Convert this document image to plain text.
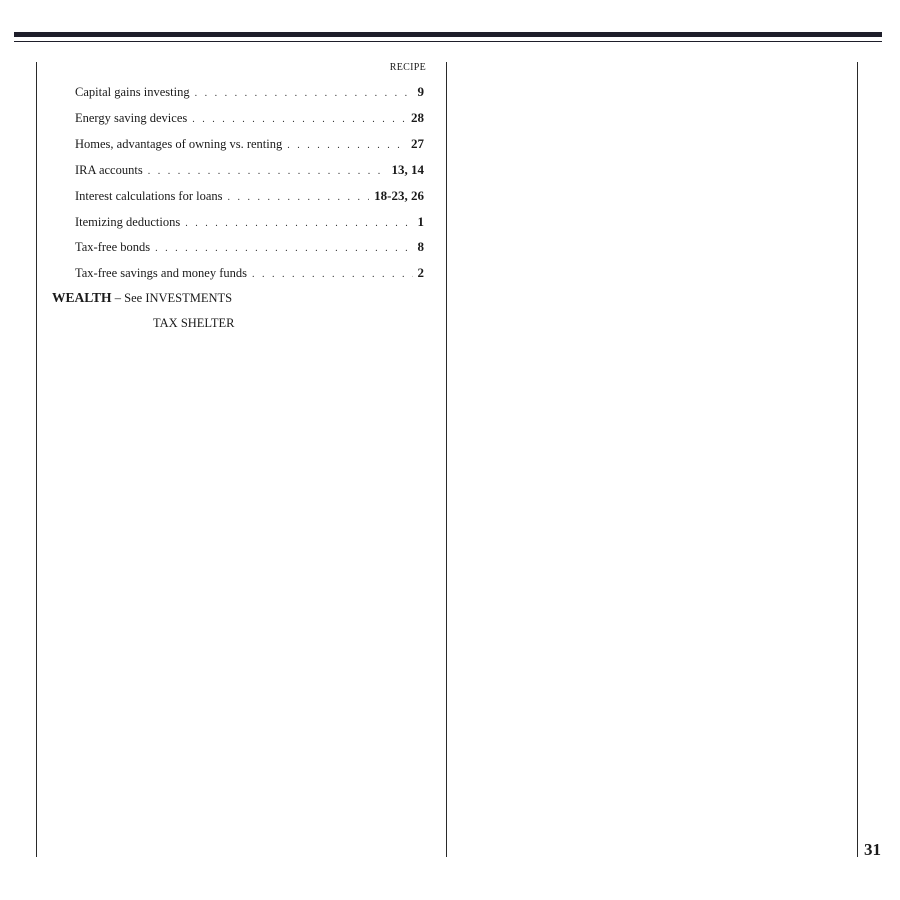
RECIPE
Capital gains investing . . .	9
Energy saving devices . . .	28
Homes, advantages of owning vs. renting . . .	27
IRA accounts . . .	13, 14
Interest calculations for loans . . .	18-23, 26
Itemizing deductions . . .	1
Tax-free bonds . . .	8
Tax-free savings and money funds . . .	2
WEALTH – See INVESTMENTS
TAX SHELTER
31
